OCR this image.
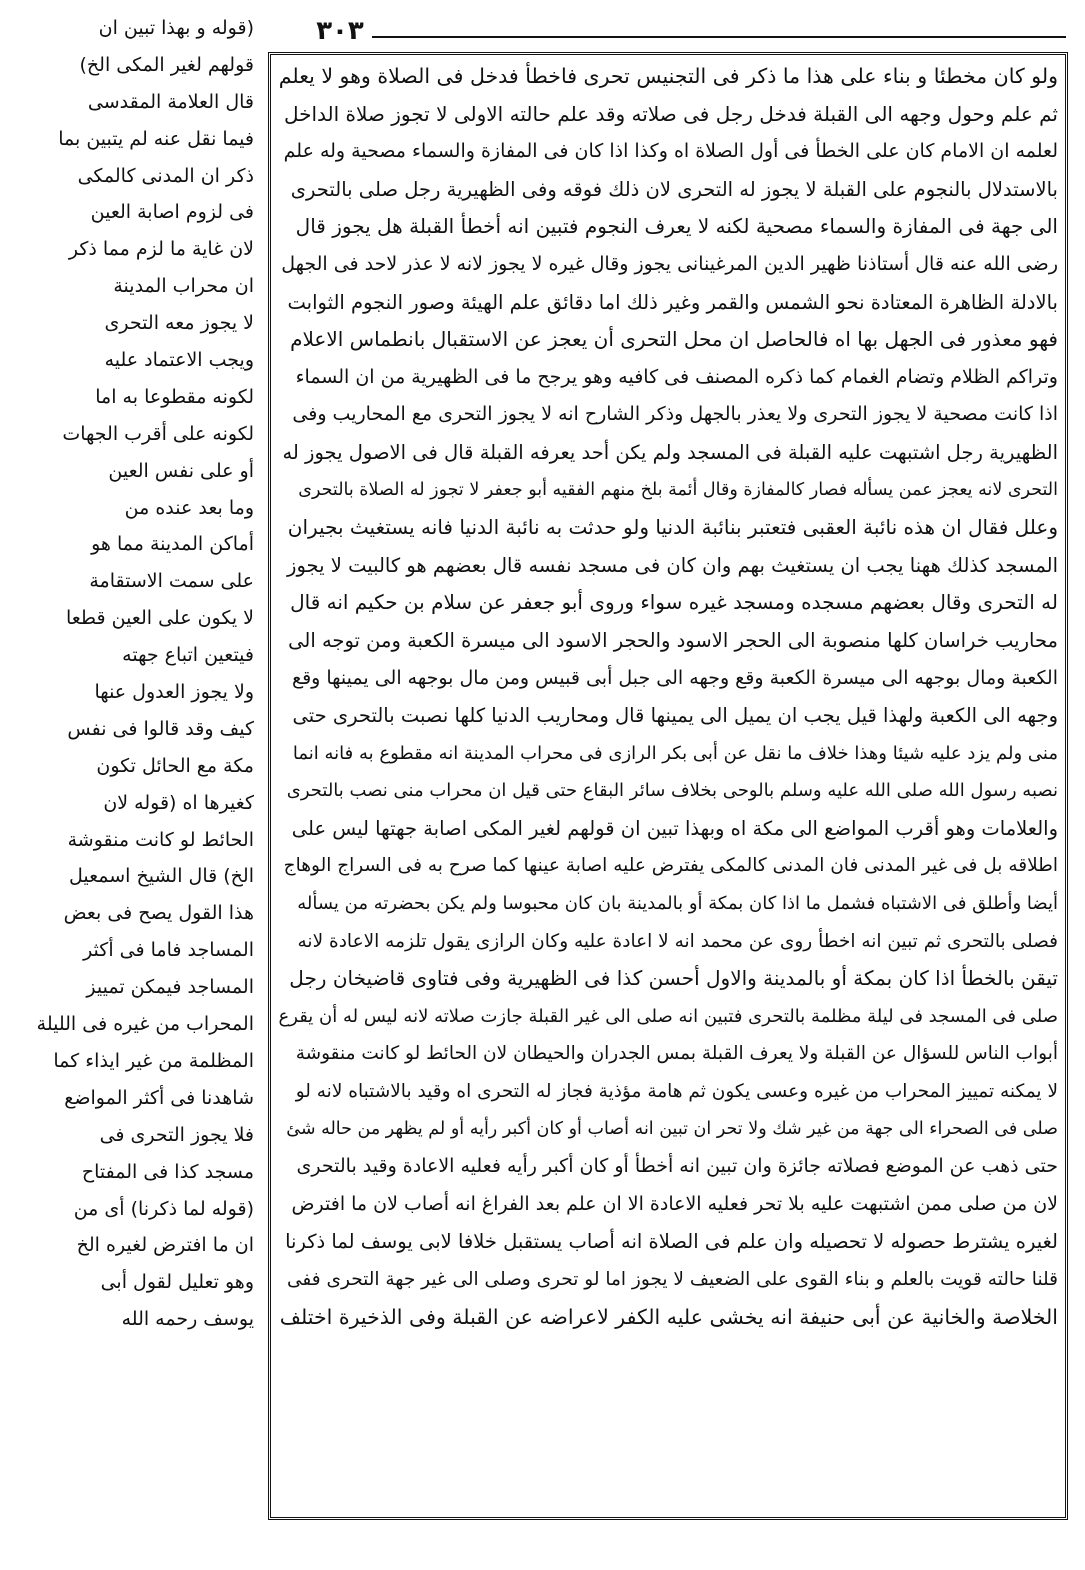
٣٠٣
ولو كان مخطئا و بناء على هذا ما ذكر فى التجنيس تحرى فاخطأ فدخل فى الصلاة وهو لا يعلم
ثم علم وحول وجهه الى القبلة فدخل رجل فى صلاته وقد علم حالته الاولى لا تجوز صلاة الداخل
لعلمه ان الامام كان على الخطأ فى أول الصلاة اه وكذا اذا كان فى المفازة والسماء مصحية وله علم
بالاستدلال بالنجوم على القبلة لا يجوز له التحرى لان ذلك فوقه وفى الظهيرية رجل صلى بالتحرى
الى جهة فى المفازة والسماء مصحية لكنه لا يعرف النجوم فتبين انه أخطأ القبلة هل يجوز قال
رضى الله عنه قال أستاذنا ظهير الدين المرغينانى يجوز وقال غيره لا يجوز لانه لا عذر لاحد فى الجهل
بالادلة الظاهرة المعتادة نحو الشمس والقمر وغير ذلك اما دقائق علم الهيئة وصور النجوم الثوابت
فهو معذور فى الجهل بها اه فالحاصل ان محل التحرى أن يعجز عن الاستقبال بانطماس الاعلام
وتراكم الظلام وتضام الغمام كما ذكره المصنف فى كافيه وهو يرجح ما فى الظهيرية من ان السماء
اذا كانت مصحية لا يجوز التحرى ولا يعذر بالجهل وذكر الشارح انه لا يجوز التحرى مع المحاريب وفى
الظهيرية رجل اشتبهت عليه القبلة فى المسجد ولم يكن أحد يعرفه القبلة قال فى الاصول يجوز له
التحرى لانه يعجز عمن يسأله فصار كالمفازة وقال أئمة بلخ منهم الفقيه أبو جعفر لا تجوز له الصلاة بالتحرى
وعلل فقال ان هذه نائبة العقبى فتعتبر بنائبة الدنيا ولو حدثت به نائبة الدنيا فانه يستغيث بجيران
المسجد كذلك ههنا يجب ان يستغيث بهم وان كان فى مسجد نفسه قال بعضهم هو كالبيت لا يجوز
له التحرى وقال بعضهم مسجده ومسجد غيره سواء وروى أبو جعفر عن سلام بن حكيم انه قال
محاريب خراسان كلها منصوبة الى الحجر الاسود والحجر الاسود الى ميسرة الكعبة ومن توجه الى
الكعبة ومال بوجهه الى ميسرة الكعبة وقع وجهه الى جبل أبى قبيس ومن مال بوجهه الى يمينها وقع
وجهه الى الكعبة ولهذا قيل يجب ان يميل الى يمينها قال ومحاريب الدنيا كلها نصبت بالتحرى حتى
منى ولم يزد عليه شيئا وهذا خلاف ما نقل عن أبى بكر الرازى فى محراب المدينة انه مقطوع به فانه انما
نصبه رسول الله صلى الله عليه وسلم بالوحى بخلاف سائر البقاع حتى قيل ان محراب منى نصب بالتحرى
والعلامات وهو أقرب المواضع الى مكة اه وبهذا تبين ان قولهم لغير المكى اصابة جهتها ليس على
اطلاقه بل فى غير المدنى فان المدنى كالمكى يفترض عليه اصابة عينها كما صرح به فى السراج الوهاج
أيضا وأطلق فى الاشتباه فشمل ما اذا كان بمكة أو بالمدينة بان كان محبوسا ولم يكن بحضرته من يسأله
فصلى بالتحرى ثم تبين انه اخطأ روى عن محمد انه لا اعادة عليه وكان الرازى يقول تلزمه الاعادة لانه
تيقن بالخطأ اذا كان بمكة أو بالمدينة والاول أحسن كذا فى الظهيرية وفى فتاوى قاضيخان رجل
صلى فى المسجد فى ليلة مظلمة بالتحرى فتبين انه صلى الى غير القبلة جازت صلاته لانه ليس له أن يقرع
أبواب الناس للسؤال عن القبلة ولا يعرف القبلة بمس الجدران والحيطان لان الحائط لو كانت منقوشة
لا يمكنه تمييز المحراب من غيره وعسى يكون ثم هامة مؤذية فجاز له التحرى اه وقيد بالاشتباه لانه لو
صلى فى الصحراء الى جهة من غير شك ولا تحر ان تبين انه أصاب أو كان أكبر رأيه أو لم يظهر من حاله شئ
حتى ذهب عن الموضع فصلاته جائزة وان تبين انه أخطأ أو كان أكبر رأيه فعليه الاعادة وقيد بالتحرى
لان من صلى ممن اشتبهت عليه بلا تحر فعليه الاعادة الا ان علم بعد الفراغ انه أصاب لان ما افترض
لغيره يشترط حصوله لا تحصيله وان علم فى الصلاة انه أصاب يستقبل خلافا لابى يوسف لما ذكرنا
قلنا حالته قويت بالعلم و بناء القوى على الضعيف لا يجوز اما لو تحرى وصلى الى غير جهة التحرى ففى
الخلاصة والخانية عن أبى حنيفة انه يخشى عليه الكفر لاعراضه عن القبلة وفى الذخيرة اختلف
(قوله و بهذا تبين ان
قولهم لغير المكى الخ)
قال العلامة المقدسى
فيما نقل عنه لم يتبين بما
ذكر ان المدنى كالمكى
فى لزوم اصابة العين
لان غاية ما لزم مما ذكر
ان محراب المدينة
لا يجوز معه التحرى
ويجب الاعتماد عليه
لكونه مقطوعا به اما
لكونه على أقرب الجهات
أو على نفس العين
وما بعد عنده من
أماكن المدينة مما هو
على سمت الاستقامة
لا يكون على العين قطعا
فيتعين اتباع جهته
ولا يجوز العدول عنها
كيف وقد قالوا فى نفس
مكة مع الحائل تكون
كغيرها اه (قوله لان
الحائط لو كانت منقوشة
الخ) قال الشيخ اسمعيل
هذا القول يصح فى بعض
المساجد فاما فى أكثر
المساجد فيمكن تمييز
المحراب من غيره فى الليلة
المظلمة من غير ايذاء كما
شاهدنا فى أكثر المواضع
فلا يجوز التحرى فى
مسجد كذا فى المفتاح
(قوله لما ذكرنا) أى من
ان ما افترض لغيره الخ
وهو تعليل لقول أبى
يوسف رحمه الله
